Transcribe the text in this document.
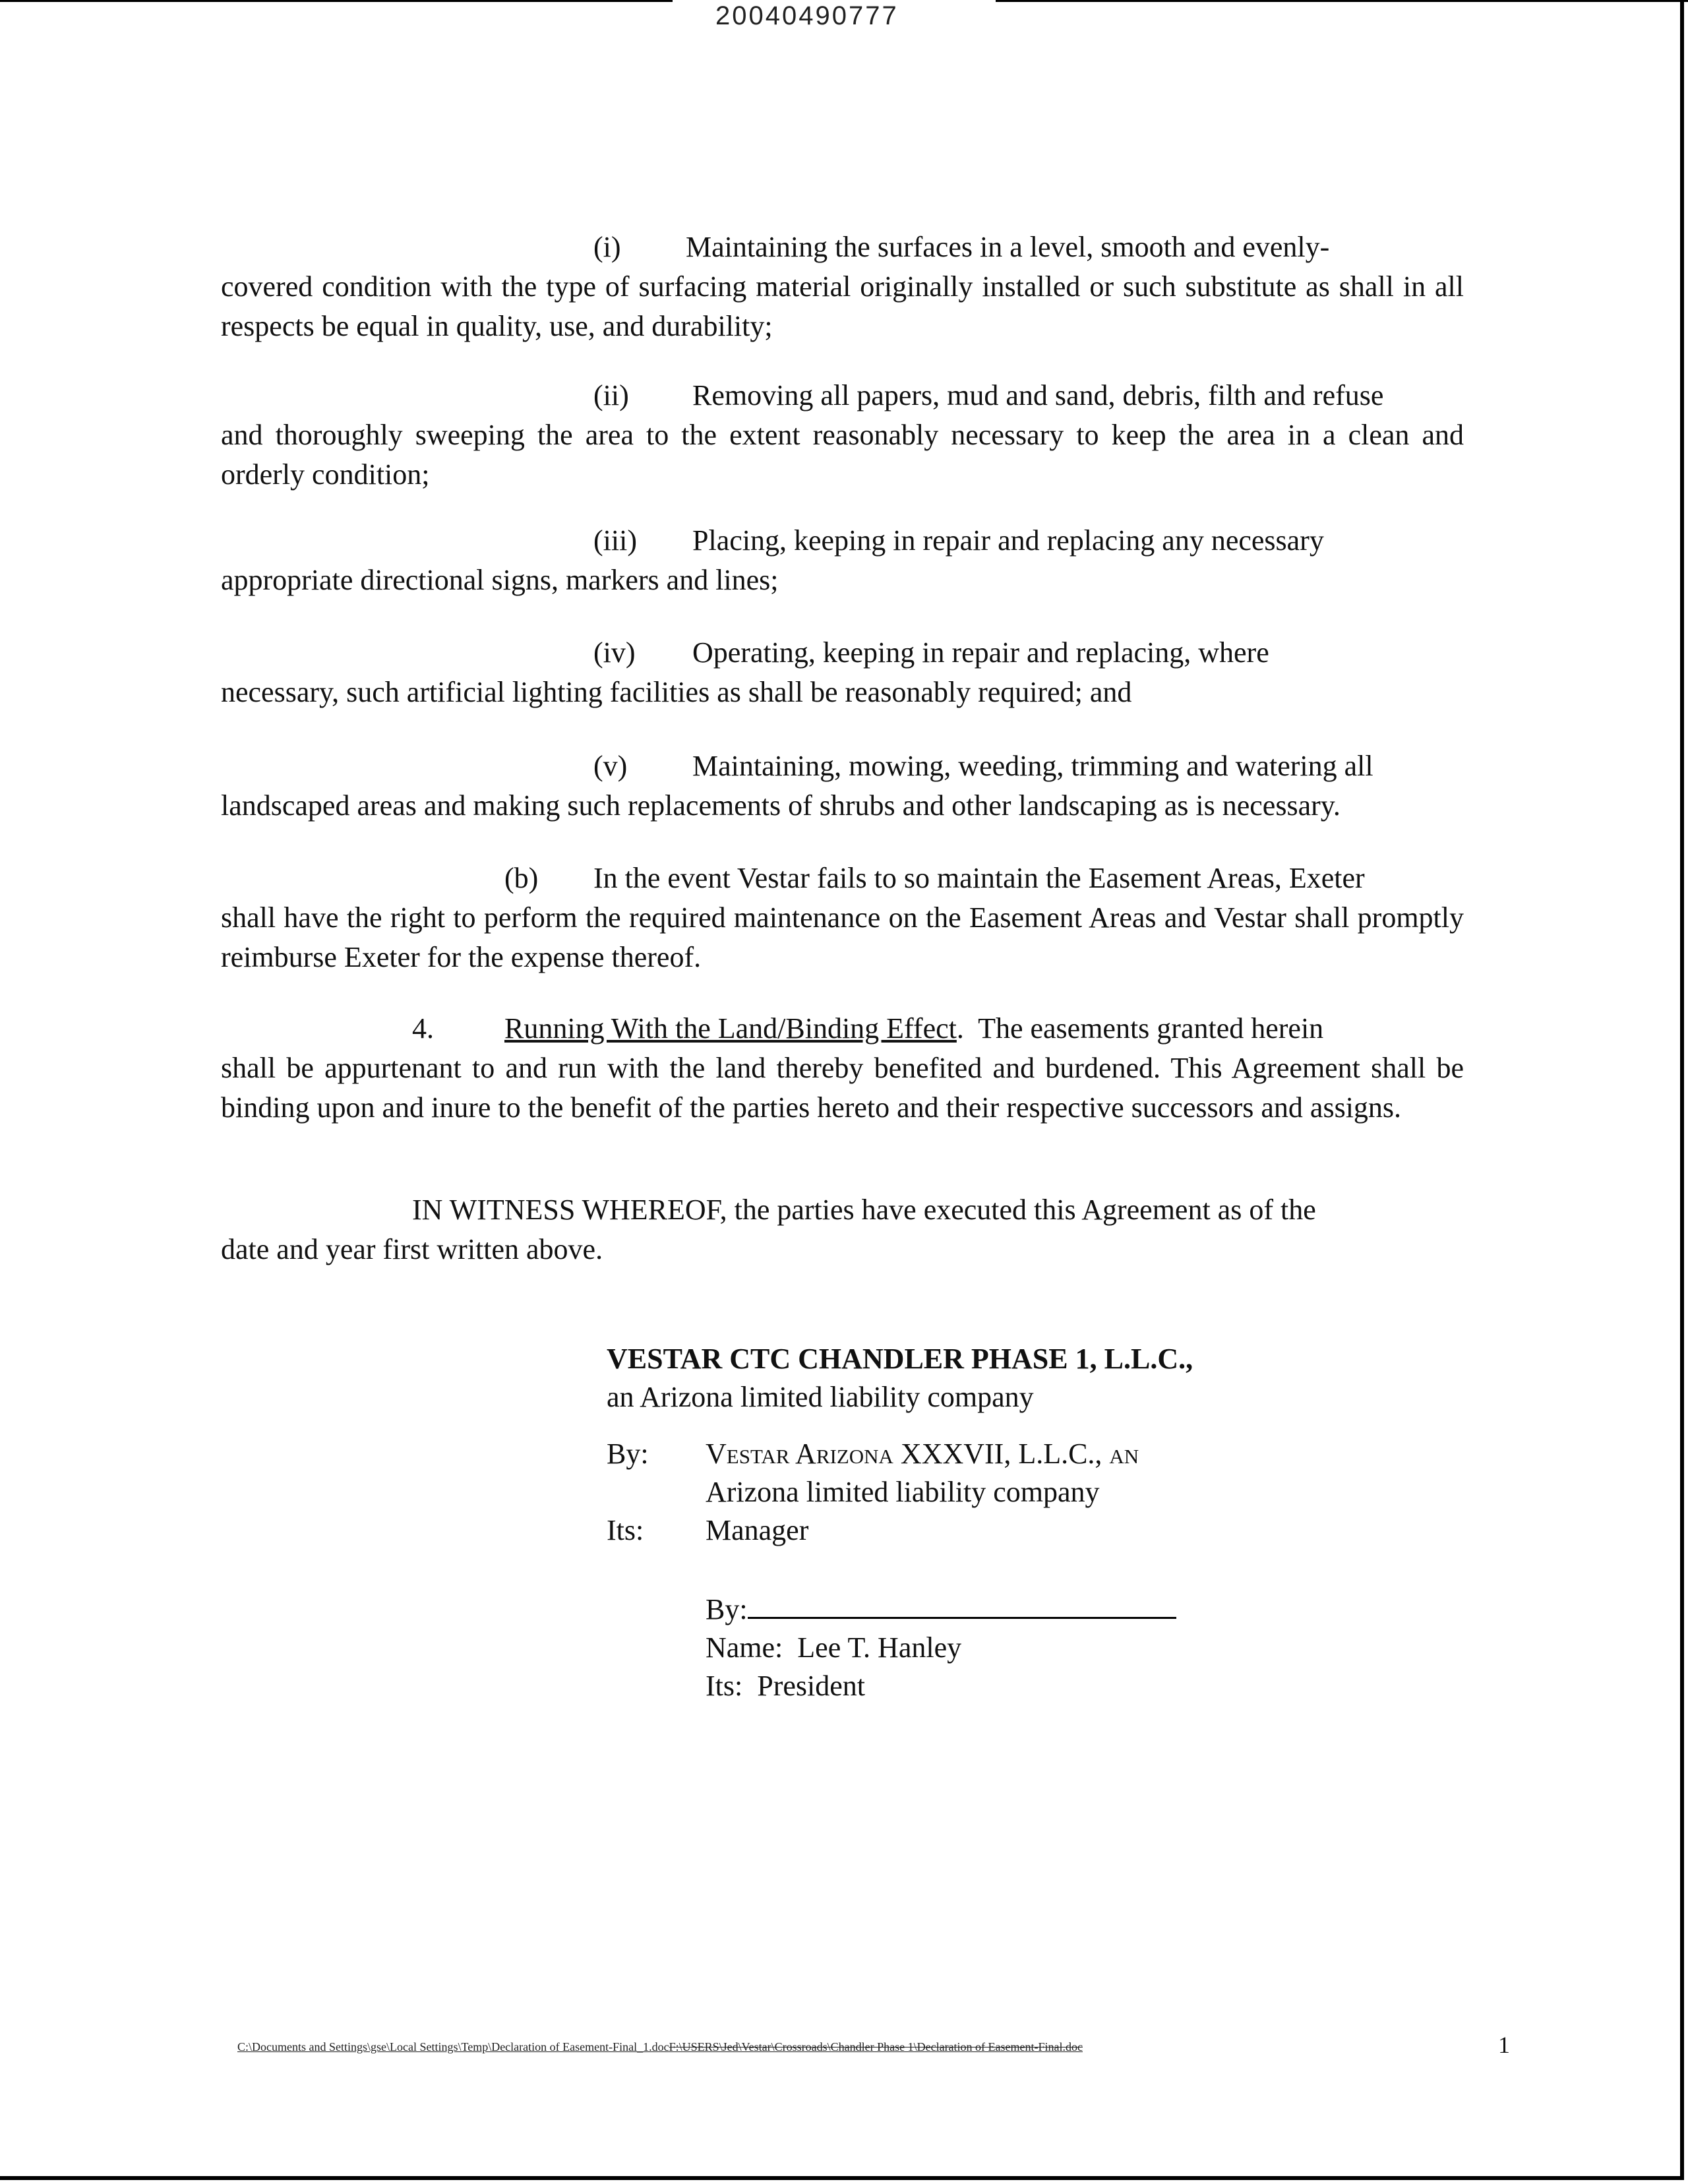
20040490777
(i) Maintaining the surfaces in a level, smooth and evenly-
covered condition with the type of surfacing material originally installed or such substitute as shall in all respects be equal in quality, use, and durability;
(ii) Removing all papers, mud and sand, debris, filth and refuse
and thoroughly sweeping the area to the extent reasonably necessary to keep the area in a clean and orderly condition;
(iii) Placing, keeping in repair and replacing any necessary
appropriate directional signs, markers and lines;
(iv) Operating, keeping in repair and replacing, where
necessary, such artificial lighting facilities as shall be reasonably required; and
(v) Maintaining, mowing, weeding, trimming and watering all
landscaped areas and making such replacements of shrubs and other landscaping as is necessary.
(b) In the event Vestar fails to so maintain the Easement Areas, Exeter
shall have the right to perform the required maintenance on the Easement Areas and Vestar shall promptly reimburse Exeter for the expense thereof.
4. Running With the Land/Binding Effect. The easements granted herein
shall be appurtenant to and run with the land thereby benefited and burdened. This Agreement shall be binding upon and inure to the benefit of the parties hereto and their respective successors and assigns.
IN WITNESS WHEREOF, the parties have executed this Agreement as of the
date and year first written above.
VESTAR CTC CHANDLER PHASE 1, L.L.C.,
an Arizona limited liability company
By:	Vestar Arizona XXXVII, L.L.C., an
Arizona limited liability company
Its:	Manager
By:
Name: Lee T. Hanley
Its: President
C:\Documents and Settings\gse\Local Settings\Temp\Declaration of Easement-Final_1.docF:\USERS\Jed\Vestar\Crossroads\Chandler Phase 1\Declaration of Easement-Final.doc	1
